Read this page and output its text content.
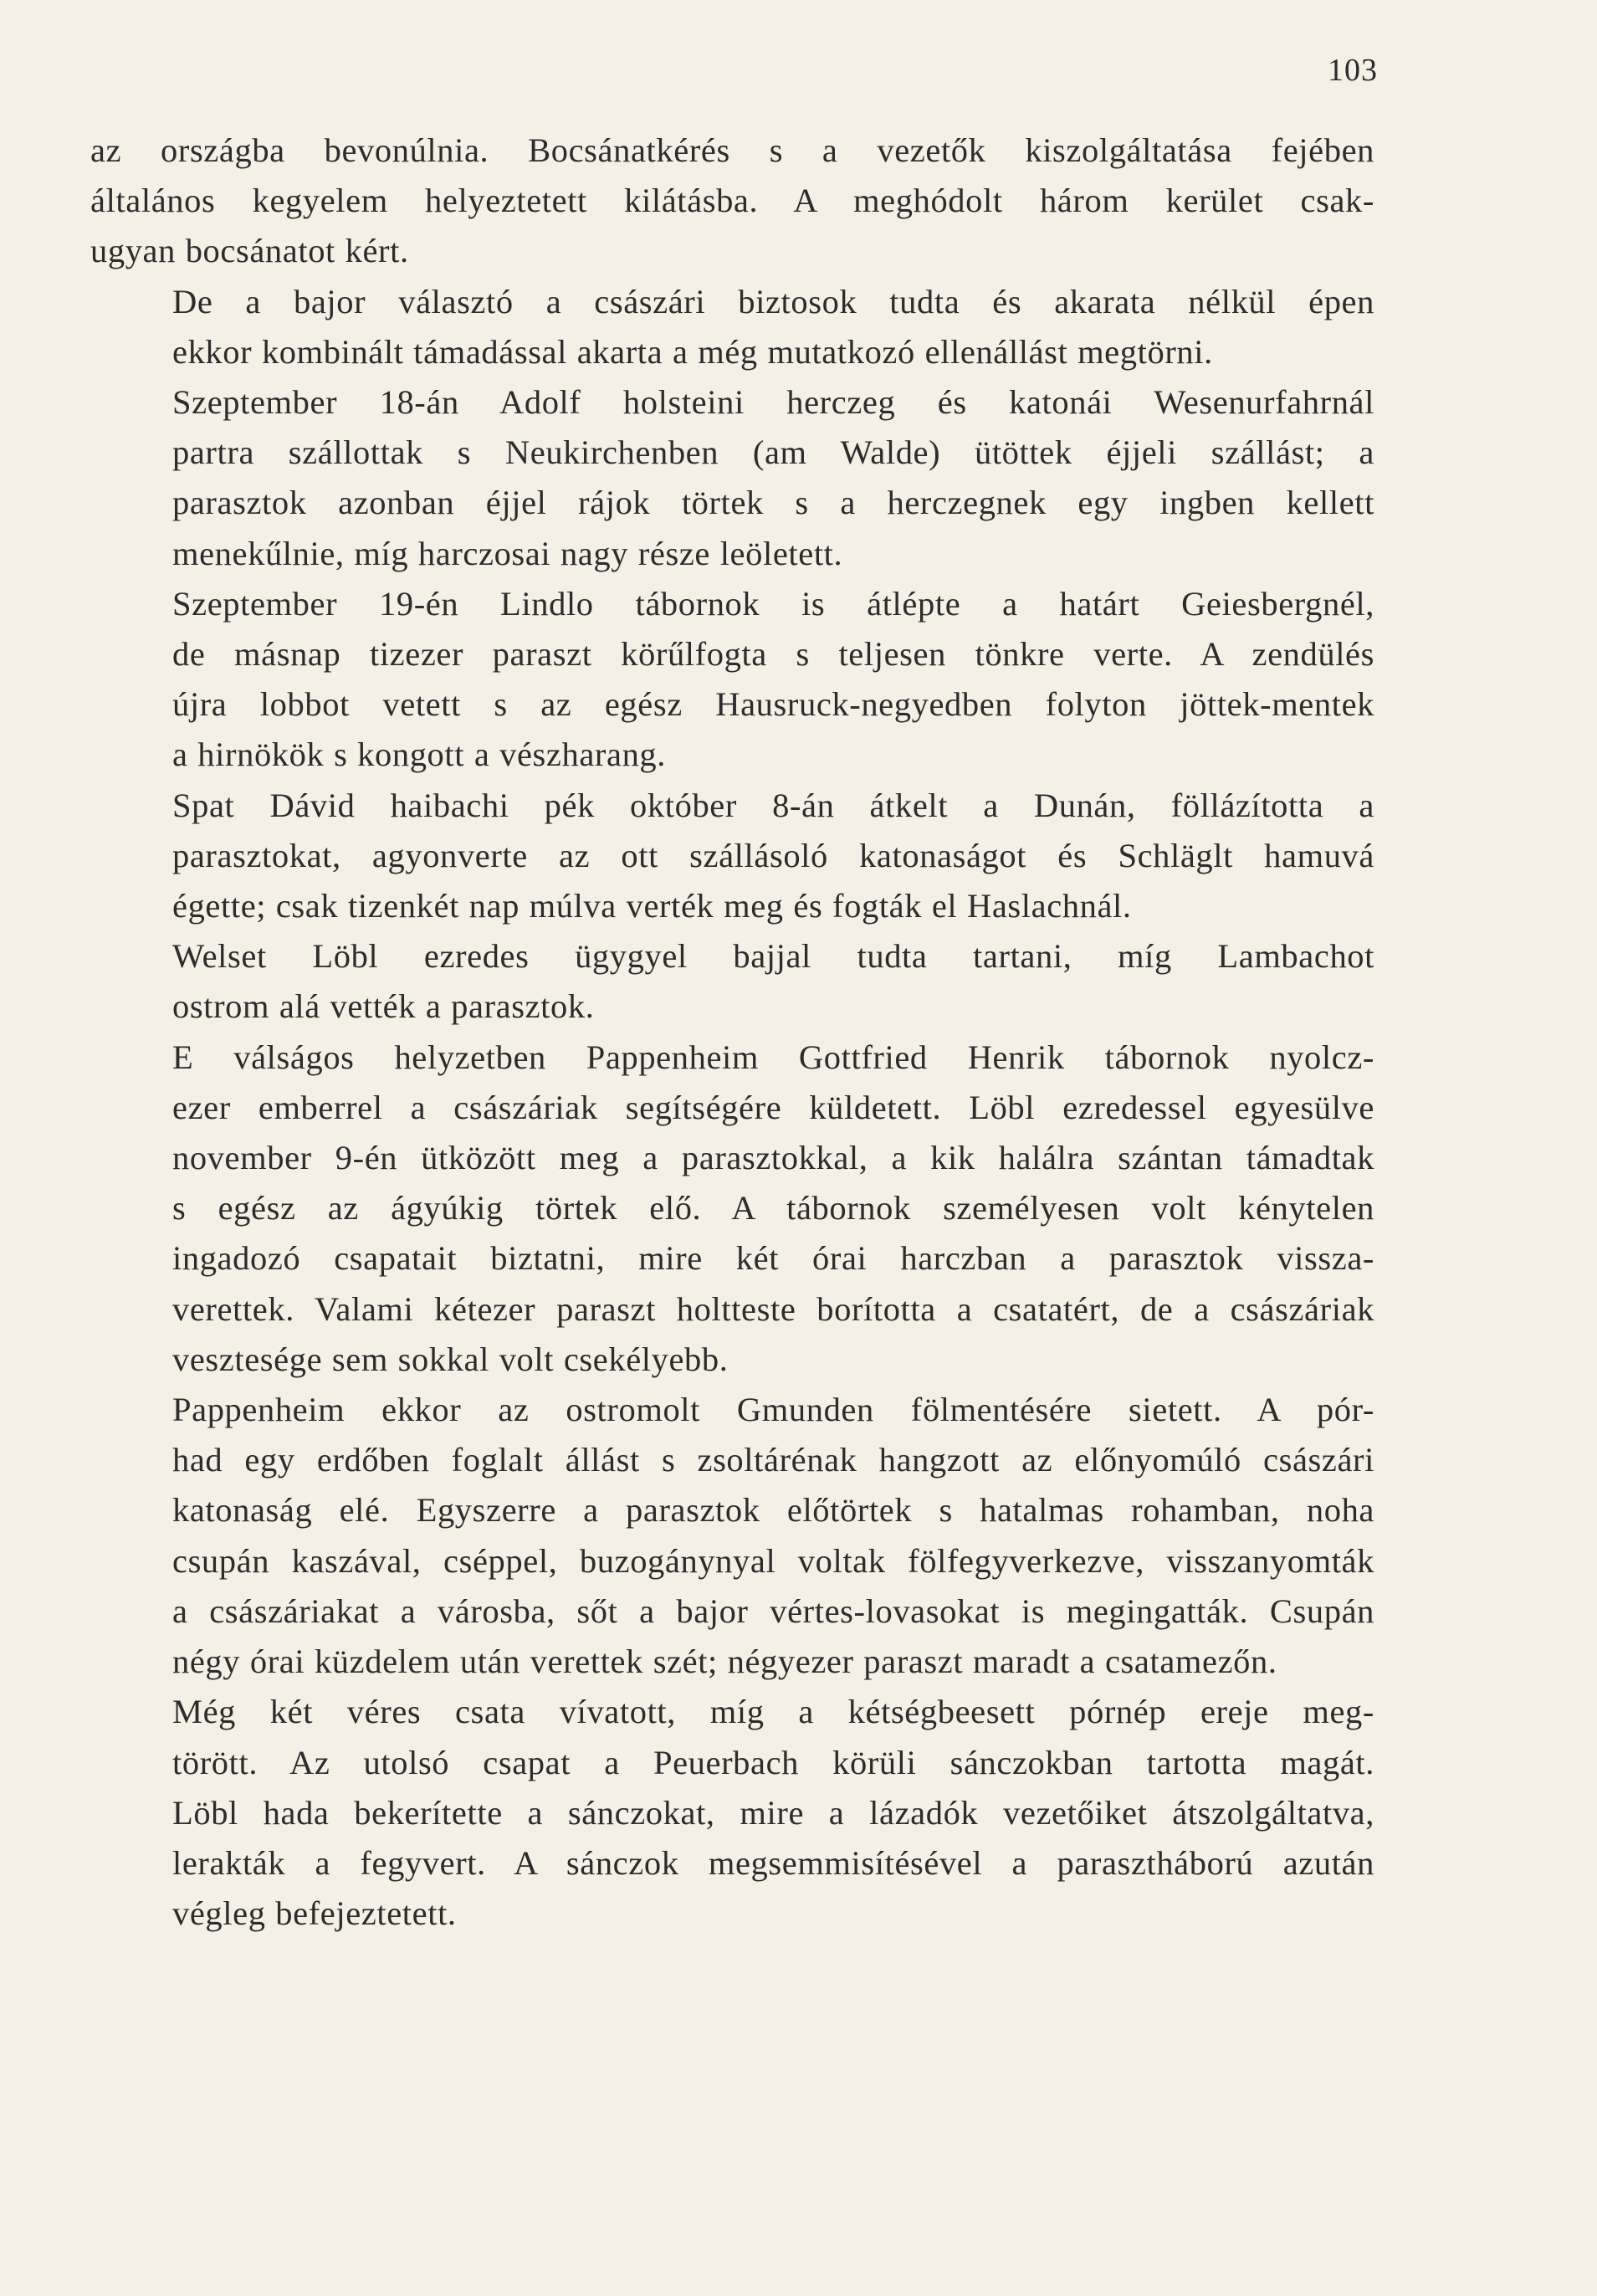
103
az országba bevonúlnia. Bocsánatkérés s a vezetők kiszolgáltatása fejében
általános kegyelem helyeztetett kilátásba. A meghódolt három kerület csak-
ugyan bocsánatot kért.
De a bajor választó a császári biztosok tudta és akarata nélkül épen
ekkor kombinált támadással akarta a még mutatkozó ellenállást megtörni.
Szeptember 18-án Adolf holsteini herczeg és katonái Wesenurfahrnál
partra szállottak s Neukirchenben (am Walde) ütöttek éjjeli szállást; a
parasztok azonban éjjel rájok törtek s a herczegnek egy ingben kellett
menekűlnie, míg harczosai nagy része leöletett.
Szeptember 19-én Lindlo tábornok is átlépte a határt Geiesbergnél,
de másnap tizezer paraszt körűlfogta s teljesen tönkre verte. A zendülés
újra lobbot vetett s az egész Hausruck-negyedben folyton jöttek-mentek
a hirnökök s kongott a vészharang.
Spat Dávid haibachi pék október 8-án átkelt a Dunán, föllázította a
parasztokat, agyonverte az ott szállásoló katonaságot és Schläglt hamuvá
égette; csak tizenkét nap múlva verték meg és fogták el Haslachnál.
Welset Löbl ezredes ügygyel bajjal tudta tartani, míg Lambachot
ostrom alá vették a parasztok.
E válságos helyzetben Pappenheim Gottfried Henrik tábornok nyolcz-
ezer emberrel a császáriak segítségére küldetett. Löbl ezredessel egyesülve
november 9-én ütközött meg a parasztokkal, a kik halálra szántan támadtak
s egész az ágyúkig törtek elő. A tábornok személyesen volt kénytelen
ingadozó csapatait biztatni, mire két órai harczban a parasztok vissza-
verettek. Valami kétezer paraszt holtteste borította a csatatért, de a császáriak
vesztesége sem sokkal volt csekélyebb.
Pappenheim ekkor az ostromolt Gmunden fölmentésére sietett. A pór-
had egy erdőben foglalt állást s zsoltárénak hangzott az előnyomúló császári
katonaság elé. Egyszerre a parasztok előtörtek s hatalmas rohamban, noha
csupán kaszával, cséppel, buzogánynyal voltak fölfegyverkezve, visszanyomták
a császáriakat a városba, sőt a bajor vértes-lovasokat is megingatták. Csupán
négy órai küzdelem után verettek szét; négyezer paraszt maradt a csatamezőn.
Még két véres csata vívatott, míg a kétségbeesett pórnép ereje meg-
törött. Az utolsó csapat a Peuerbach körüli sánczokban tartotta magát.
Löbl hada bekerítette a sánczokat, mire a lázadók vezetőiket átszolgáltatva,
lerakták a fegyvert. A sánczok megsemmisítésével a parasztháború azután
végleg befejeztetett.
